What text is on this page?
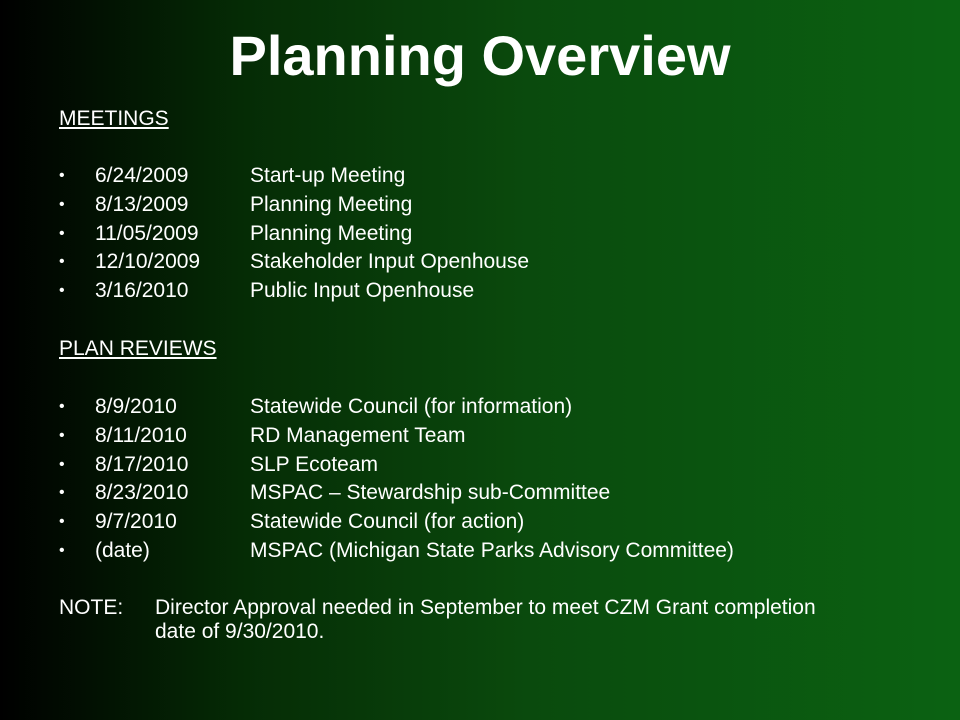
Planning Overview
MEETINGS
• 6/24/2009	Start-up Meeting
• 8/13/2009	Planning Meeting
• 11/05/2009 Planning Meeting
• 12/10/2009 Stakeholder Input Openhouse
• 3/16/2010	Public Input Openhouse
PLAN REVIEWS
• 8/9/2010	Statewide Council (for information)
• 8/11/2010	RD Management Team
• 8/17/2010	SLP Ecoteam
• 8/23/2010	MSPAC – Stewardship sub-Committee
• 9/7/2010	Statewide Council (for action)
• (date)	MSPAC (Michigan State Parks Advisory Committee)
NOTE: Director Approval needed in September to meet CZM Grant completion date of 9/30/2010.
